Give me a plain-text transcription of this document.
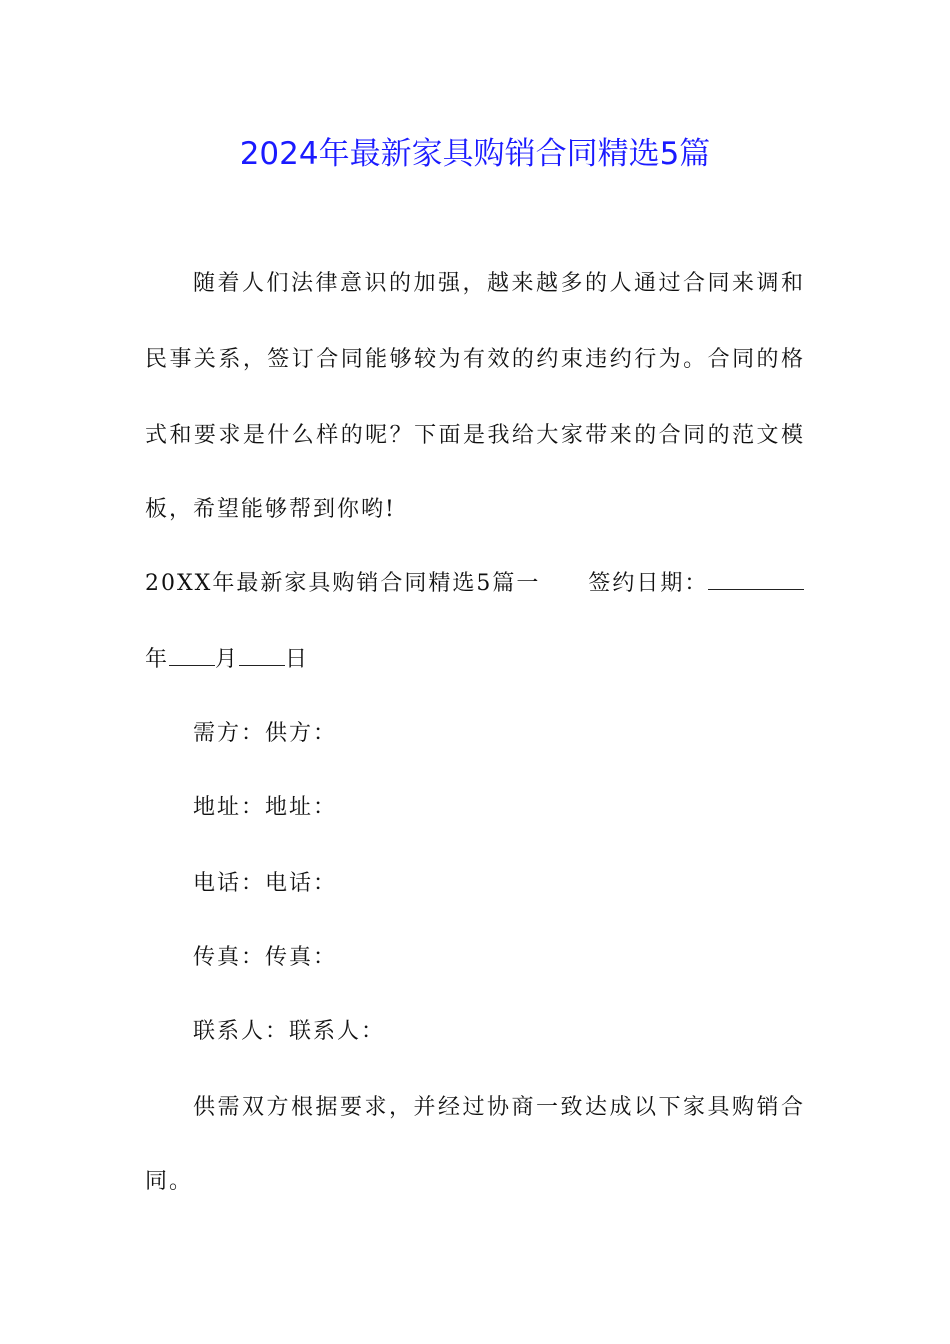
2024年最新家具购销合同精选5篇
随着人们法律意识的加强，越来越多的人通过合同来调和
民事关系，签订合同能够较为有效的约束违约行为。合同的格
式和要求是什么样的呢？下面是我给大家带来的合同的范文模
板，希望能够帮到你哟!
20XX年最新家具购销合同精选5篇一 签约日期：
年 月 日
需方：供方：
地址：地址：
电话：电话：
传真：传真：
联系人：联系人：
供需双方根据要求，并经过协商一致达成以下家具购销合
同。
